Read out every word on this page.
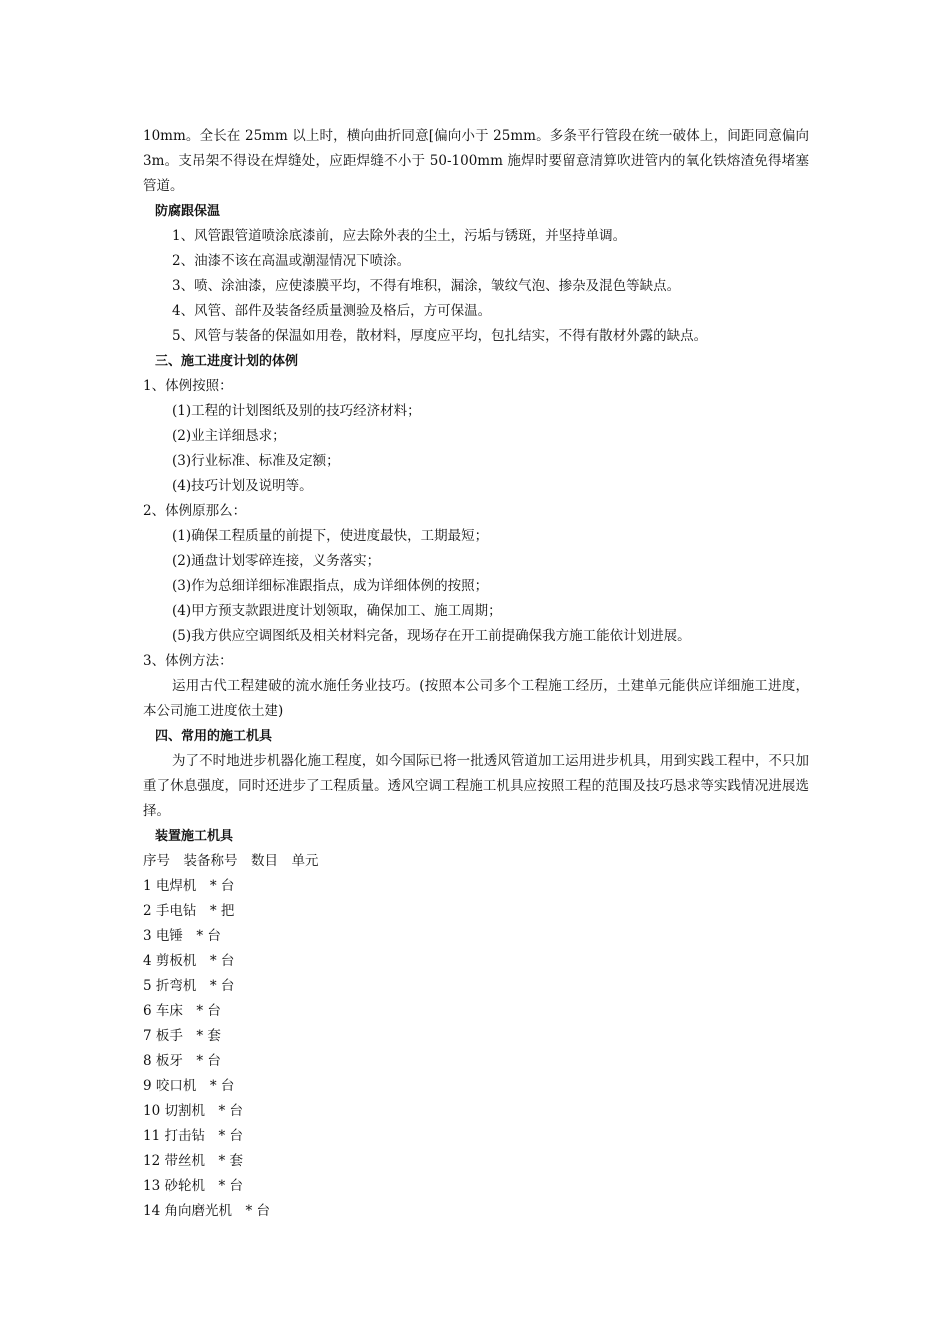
10mm。全长在 25mm 以上时，横向曲折同意[偏向小于 25mm。多条平行管段在统一破体上，间距同意偏向 3m。支吊架不得设在焊缝处，应距焊缝不小于 50-100mm 施焊时要留意清算吹进管内的氧化铁熔渣免得堵塞管道。

防腐跟保温

1、风管跟管道喷涂底漆前，应去除外表的尘土，污垢与锈斑，并坚持单调。

2、油漆不该在高温或潮湿情况下喷涂。

3、喷、涂油漆，应使漆膜平均，不得有堆积，漏涂，皱纹气泡、掺杂及混色等缺点。

4、风管、部件及装备经质量测验及格后，方可保温。

5、风管与装备的保温如用卷，散材料，厚度应平均，包扎结实，不得有散材外露的缺点。

三、施工进度计划的体例

1、体例按照：

(1)工程的计划图纸及别的技巧经济材料；

(2)业主详细恳求；

(3)行业标准、标准及定额；

(4)技巧计划及说明等。

2、体例原那么：

(1)确保工程质量的前提下，使进度最快，工期最短；

(2)通盘计划零碎连接，义务落实；

(3)作为总细详细标准跟指点，成为详细体例的按照；

(4)甲方预支款跟进度计划领取，确保加工、施工周期；

(5)我方供应空调图纸及相关材料完备，现场存在开工前提确保我方施工能依计划进展。

3、体例方法：

运用古代工程建破的流水施任务业技巧。(按照本公司多个工程施工经历，土建单元能供应详细施工进度，本公司施工进度依土建)

四、常用的施工机具

为了不时地进步机器化施工程度，如今国际已将一批透风管道加工运用进步机具，用到实践工程中，不只加重了休息强度，同时还进步了工程质量。透风空调工程施工机具应按照工程的范围及技巧恳求等实践情况进展选择。

装置施工机具

序号　装备称号　数目　单元

1 电焊机　* 台

2 手电钻　* 把

3 电锤　* 台

4 剪板机　* 台

5 折弯机　* 台

6 车床　* 台

7 板手　* 套

8 板牙　* 台

9 咬口机　* 台

10 切割机　* 台

11 打击钻　* 台

12 带丝机　* 套

13 砂轮机　* 台

14 角向磨光机　* 台
